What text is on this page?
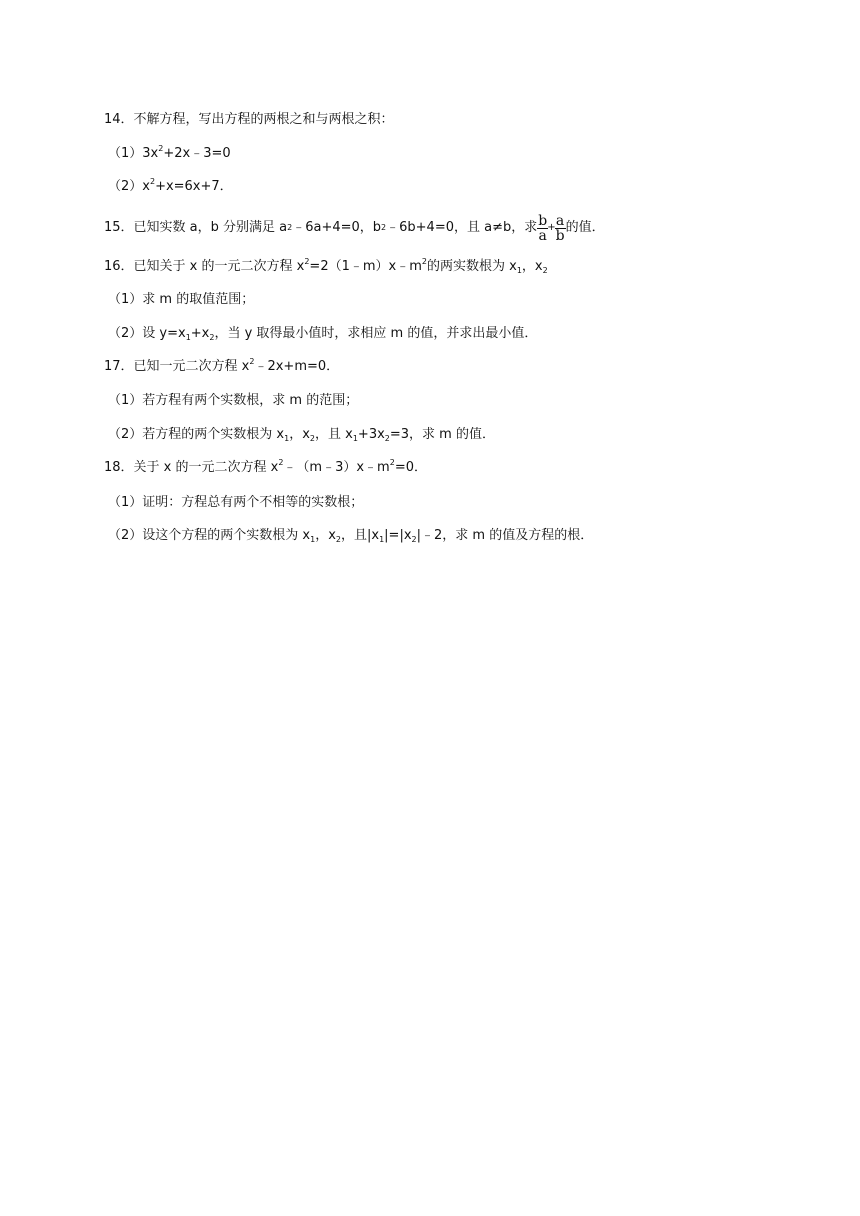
14．不解方程，写出方程的两根之和与两根之积：
$(1)3x^2+2x﹣3=0$
$(2)x^2+x=6x+7$．
15．已知实数 a，b 分别满足 a 2 ﹣6a+4=0，b 2 ﹣6b+4=0，且 a≠b，求 $\frac{b}{a} + \frac{a}{b}$ 的值．
16．已知关于 x 的一元二次方程 $x^2=2(1﹣m)x﹣m^2$的两实数根为 $x_1$，$x_2$
（1）求 m 的取值范围；
（2）设 $y=x_1+x_2$，当 y 取得最小值时，求相应 m 的值，并求出最小值．
17．已知一元二次方程 $x^2﹣2x+m=0$．
（1）若方程有两个实数根，求 m 的范围；
（2）若方程的两个实数根为 $x_1$，$x_2$，且 $x_1+3x_2=3$，求 m 的值．
18．关于 x 的一元二次方程 $x^2﹣(m﹣3)x﹣m^2=0$．
（1）证明：方程总有两个不相等的实数根；
（2）设这个方程的两个实数根为 $x_1$，$x_2$，且$|x_1|=|x_2|﹣2$，求 m 的值及方程的根．
